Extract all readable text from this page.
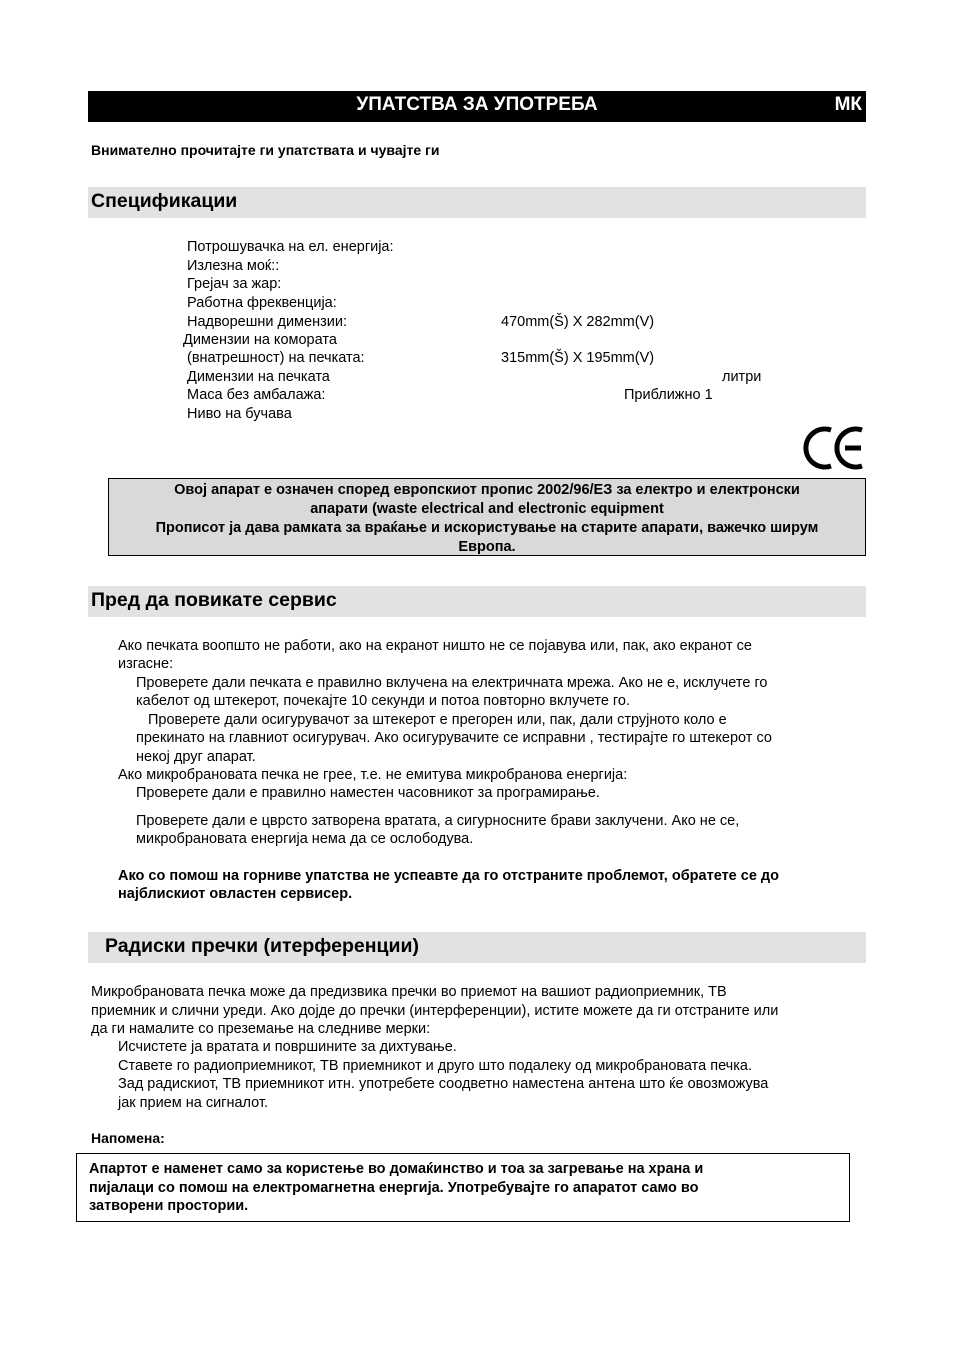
УПАТСТВА ЗА УПОТРЕБА	МК
Внимателно прочитајте ги упатствата и чувајте ги
Спецификации
Потрошувачка на ел. енергија:
Излезна моќ::
Грејач за жар:
Работна фреквенција:
Надворешни димензии:	470mm(Š) X 282mm(V)
Димензии на комората
(внатрешност) на печката:	315mm(Š) X 195mm(V)
Димензии на печката	литри
Маса без амбалажа:	Приближно 1
Ниво на бучава
Овој апарат е означен според европскиот пропис 2002/96/ЕЗ за електро и електронски
апарати (waste electrical and electronic equipment
Прописот ја дава рамката за враќање и искористување на старите апарати, важечко ширум
Европа.
Пред да повикате сервис
Ако печката воопшто не работи, ако на екранот ништо не се појавува или, пак, ако екранот се
изгасне:
Проверете дали печката е правилно вклучена на електричната мрежа. Ако не е, исклучете го
кабелот од штекерот, почекајте 10 секунди и потоа повторно вклучете го.
Проверете дали осигурувачот за штекерот е прегорен или, пак, дали струјното коло е
прекинато на главниот осигурувач. Ако осигурувачите се исправни , тестирајте го штекерот со
некој друг апарат.
Ако микробрановата печка не грее, т.е. не емитува микробранова енергија:
Проверете дали е правилно наместен часовникот за програмирање.
Проверете дали е цврсто затворена вратата, а сигурносните брави заклучени. Ако не се,
микробрановата енергија нема да се ослободува.
Ако со помош на горниве упатства не успеавте да го отстраните проблемот, обратете се до
најблискиот овластен сервисер.
Радиски пречки (итерференции)
Микробрановата печка може да предизвика пречки во приемот на вашиот радиоприемник, ТВ
приемник и слични уреди. Ако дојде до пречки (интерференции), истите можете да ги отстраните или
да ги намалите со преземање на следниве мерки:
Исчистете ја вратата и површините за дихтување.
Ставете го радиоприемникот, ТВ приемникот и друго што подалеку од микробрановата печка.
Зад радискиот, ТВ приемникот итн. употребете соодветно наместена антена што ќе овозможува
јак прием на сигналот.
Напомена:
Апартот е наменет само за користење во домаќинство и тоа за загревање на храна и
пијалаци со помош на електромагнетна енергија. Употребувајте го апаратот само во
затворени простории.
